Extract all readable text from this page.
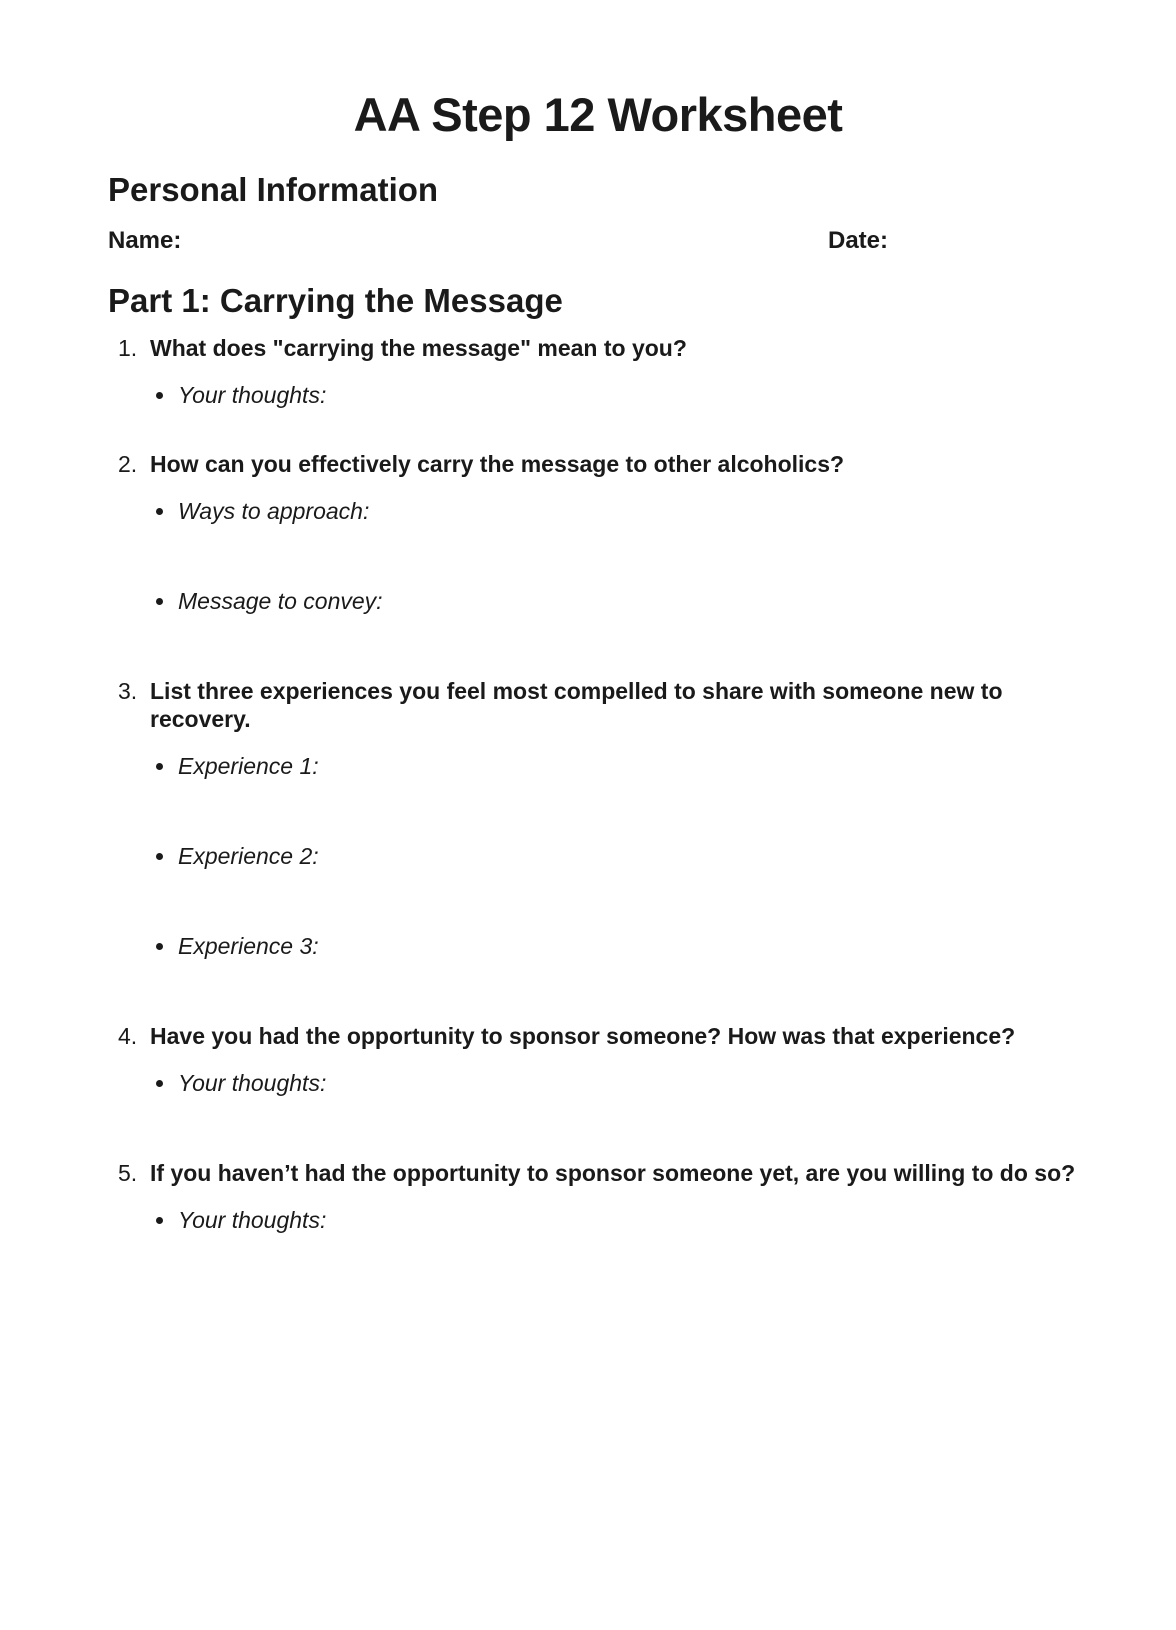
AA Step 12 Worksheet
Personal Information
Name:	Date:
Part 1: Carrying the Message
1. What does "carrying the message" mean to you?
Your thoughts:
2. How can you effectively carry the message to other alcoholics?
Ways to approach:
Message to convey:
3. List three experiences you feel most compelled to share with someone new to recovery.
Experience 1:
Experience 2:
Experience 3:
4. Have you had the opportunity to sponsor someone? How was that experience?
Your thoughts:
5. If you haven’t had the opportunity to sponsor someone yet, are you willing to do so?
Your thoughts:
